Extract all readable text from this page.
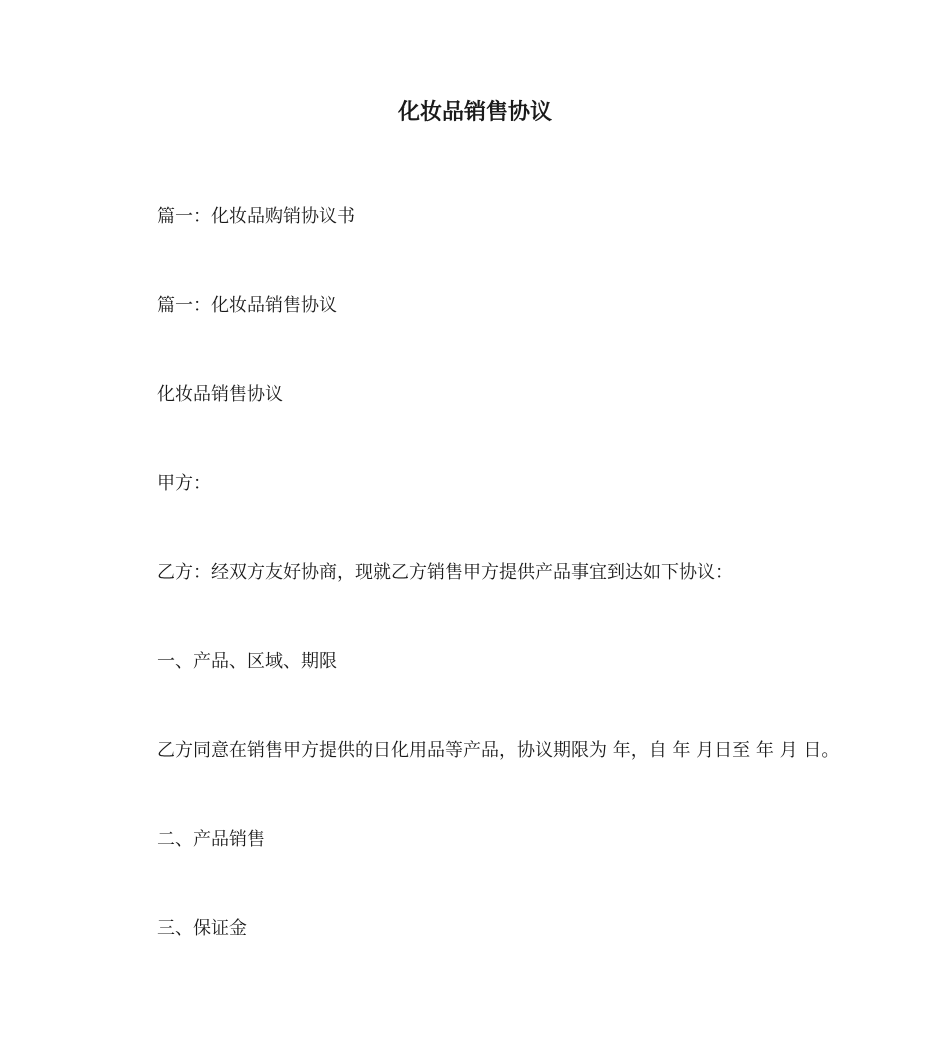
化妆品销售协议

篇一：化妆品购销协议书

篇一：化妆品销售协议

化妆品销售协议

甲方：

乙方：经双方友好协商，现就乙方销售甲方提供产品事宜到达如下协议：

一、产品、区域、期限

乙方同意在销售甲方提供的日化用品等产品，协议期限为 年，自 年 月日至 年 月 日。

二、产品销售

三、保证金
